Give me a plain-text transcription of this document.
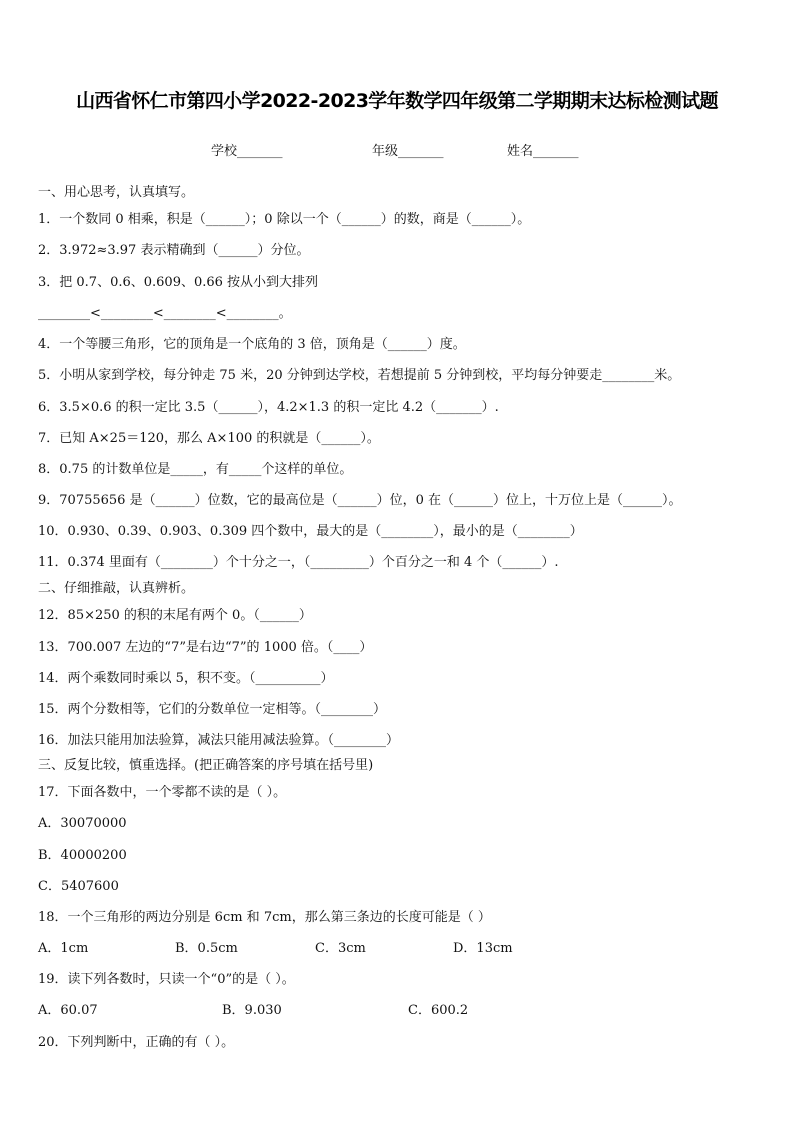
山西省怀仁市第四小学2022-2023学年数学四年级第二学期期末达标检测试题
学校_______	年级_______	姓名_______
一、用心思考，认真填写。
1．一个数同 0 相乘，积是（______）；0 除以一个（______）的数，商是（______）。
2．3.972≈3.97 表示精确到（______）分位。
3．把 0.7、0.6、0.609、0.66 按从小到大排列
________<________<________<________。
4．一个等腰三角形，它的顶角是一个底角的 3 倍，顶角是（______）度。
5．小明从家到学校，每分钟走 75 米，20 分钟到达学校，若想提前 5 分钟到校，平均每分钟要走________米。
6．3.5×0.6 的积一定比 3.5（______），4.2×1.3 的积一定比 4.2（_______）.
7．已知 A×25＝120，那么 A×100 的积就是（______）。
8．0.75 的计数单位是_____，有_____个这样的单位。
9．70755656 是（______）位数，它的最高位是（______）位，0 在（______）位上，十万位上是（______）。
10．0.930、0.39、0.903、0.309 四个数中，最大的是（________），最小的是（________）
11．0.374 里面有（________）个十分之一，（_________）个百分之一和 4 个（______）.
二、仔细推敲，认真辨析。
12．85×250 的积的末尾有两个 0。（______）
13．700.007 左边的“7”是右边“7”的 1000 倍。（____）
14．两个乘数同时乘以 5，积不变。（__________）
15．两个分数相等，它们的分数单位一定相等。（________）
16．加法只能用加法验算，减法只能用减法验算。（________）
三、反复比较，慎重选择。(把正确答案的序号填在括号里)
17．下面各数中，一个零都不读的是（ ）。
A．30070000
B．40000200
C．5407600
18．一个三角形的两边分别是 6cm 和 7cm，那么第三条边的长度可能是（ ）
A．1cm	B．0.5cm	C．3cm	D．13cm
19．读下列各数时，只读一个“0”的是（ ）。
A．60.07	B．9.030	C．600.2
20．下列判断中，正确的有（ ）。
